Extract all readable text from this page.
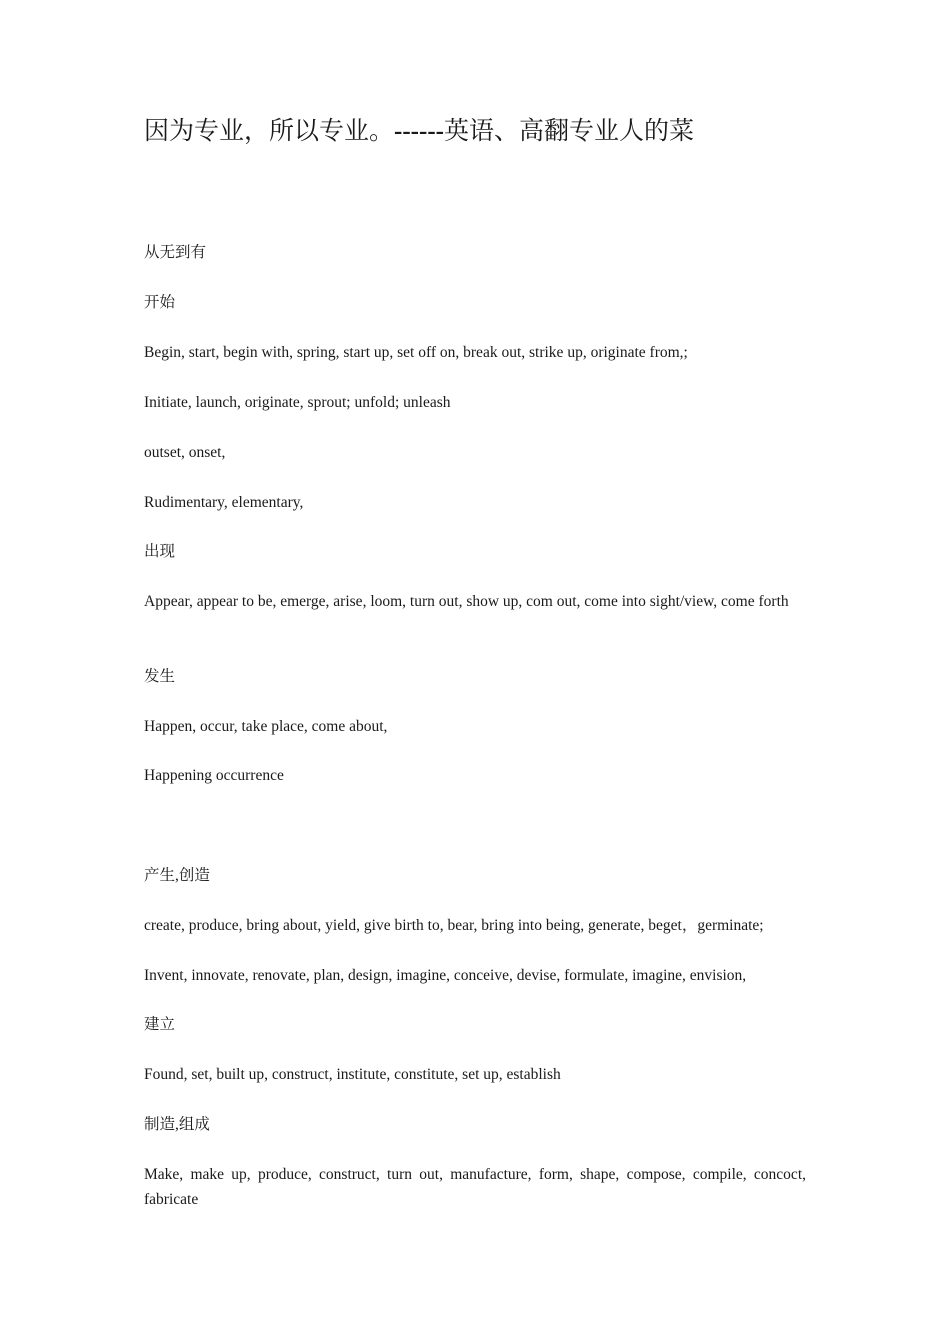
因为专业，所以专业。------英语、高翻专业人的菜

从无到有

开始

Begin, start, begin with, spring, start up, set off on, break out, strike up, originate from,;

Initiate, launch, originate, sprout; unfold; unleash

outset, onset,

Rudimentary, elementary,

出现

Appear, appear to be, emerge, arise, loom, turn out, show up, com out, come into sight/view, come forth

发生

Happen, occur, take place, come about,

Happening occurrence

产生,创造

create, produce, bring about, yield, give birth to, bear, bring into being, generate, beget，germinate;

Invent, innovate, renovate, plan, design, imagine, conceive, devise, formulate, imagine, envision,

建立

Found, set, built up, construct, institute, constitute, set up, establish

制造,组成

Make, make up, produce, construct, turn out, manufacture, form, shape, compose, compile, concoct, fabricate
